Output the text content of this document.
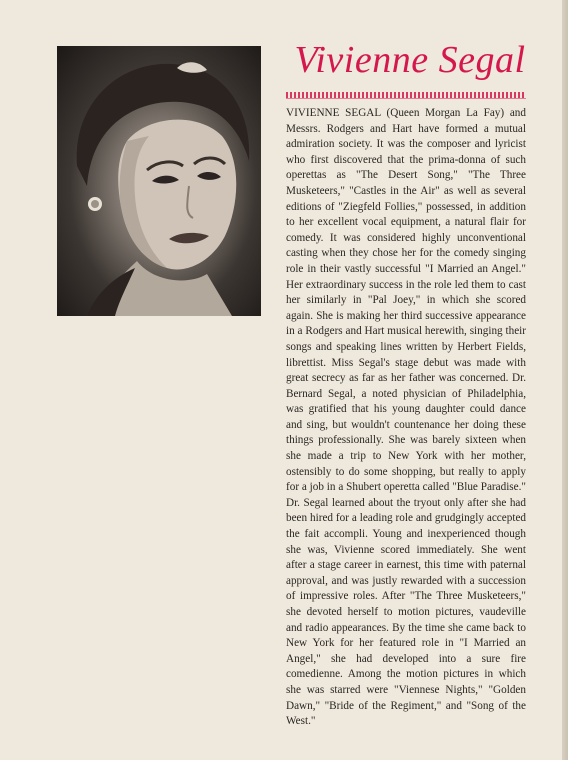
Vivienne Segal

VIVIENNE SEGAL (Queen Morgan La Fay) and Messrs. Rodgers and Hart have formed a mutual admiration society. It was the composer and lyricist who first discovered that the prima-donna of such operettas as "The Desert Song," "The Three Musketeers," "Castles in the Air" as well as several editions of "Ziegfeld Follies," possessed, in addition to her excellent vocal equipment, a natural flair for comedy. It was considered highly unconventional casting when they chose her for the comedy singing role in their vastly successful "I Married an Angel." Her extraordinary success in the role led them to cast her similarly in "Pal Joey," in which she scored again. She is making her third successive appearance in a Rodgers and Hart musical herewith, singing their songs and speaking lines written by Herbert Fields, librettist. Miss Segal's stage debut was made with great secrecy as far as her father was concerned. Dr. Bernard Segal, a noted physician of Philadelphia, was gratified that his young daughter could dance and sing, but wouldn't countenance her doing these things professionally. She was barely sixteen when she made a trip to New York with her mother, ostensibly to do some shopping, but really to apply for a job in a Shubert operetta called "Blue Paradise." Dr. Segal learned about the tryout only after she had been hired for a leading role and grudgingly accepted the fait accompli. Young and inexperienced though she was, Vivienne scored immediately. She went after a stage career in earnest, this time with paternal approval, and was justly rewarded with a succession of impressive roles. After "The Three Musketeers," she devoted herself to motion pictures, vaudeville and radio appearances. By the time she came back to New York for her featured role in "I Married an Angel," she had developed into a sure fire comedienne. Among the motion pictures in which she was starred were "Viennese Nights," "Golden Dawn," "Bride of the Regiment," and "Song of the West."
